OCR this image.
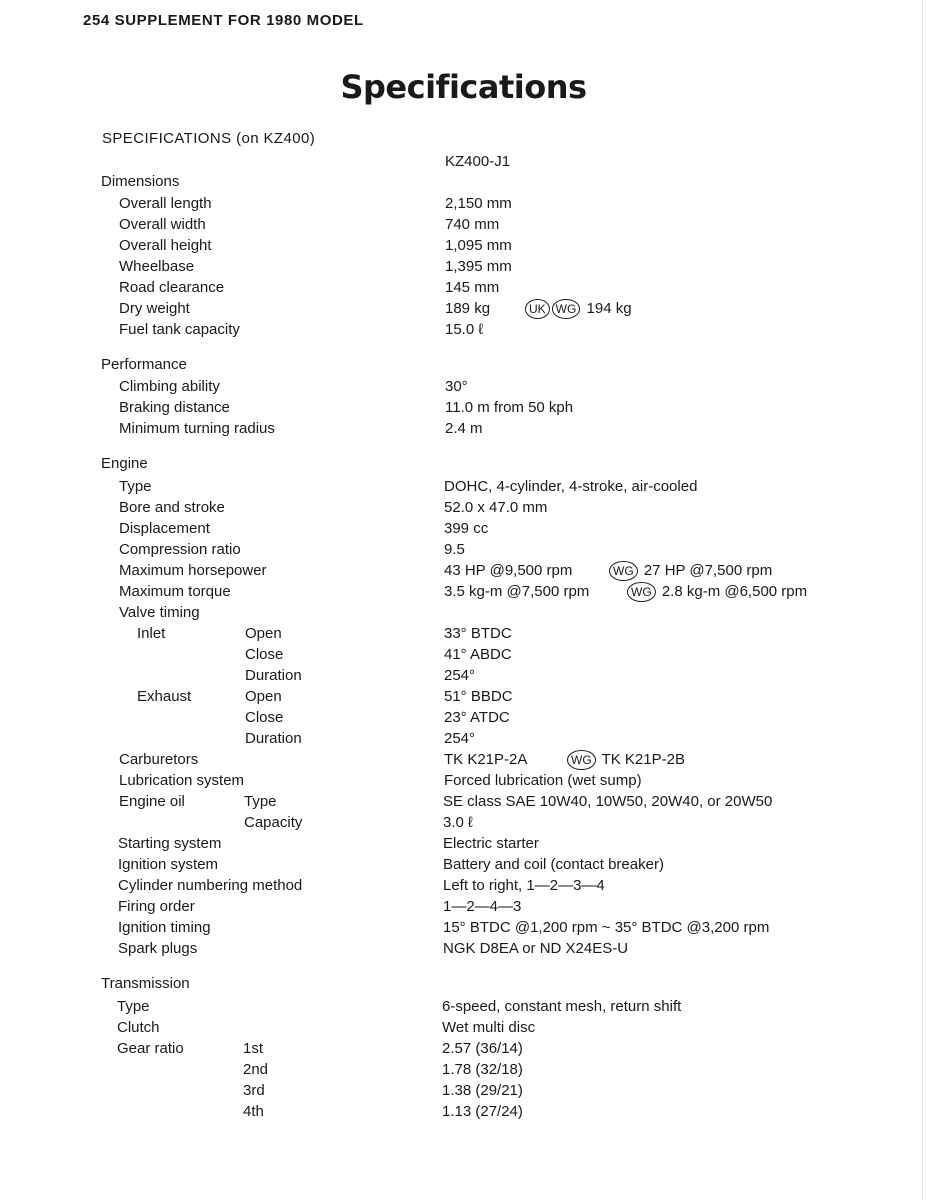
254 SUPPLEMENT FOR 1980 MODEL
Specifications
SPECIFICATIONS (on KZ400)
KZ400-J1
Dimensions
Overall length	2,150 mm
Overall width	740 mm
Overall height	1,095 mm
Wheelbase	1,395 mm
Road clearance	145 mm
Dry weight	189 kg	UK WG 194 kg
Fuel tank capacity	15.0 ℓ
Performance
Climbing ability	30°
Braking distance	11.0 m from 50 kph
Minimum turning radius	2.4 m
Engine
Type	DOHC, 4-cylinder, 4-stroke, air-cooled
Bore and stroke	52.0 x 47.0 mm
Displacement	399 cc
Compression ratio	9.5
Maximum horsepower	43 HP @9,500 rpm	WG 27 HP @7,500 rpm
Maximum torque	3.5 kg-m @7,500 rpm	WG 2.8 kg-m @6,500 rpm
Valve timing
Inlet	Open	33° BTDC
Close	41° ABDC
Duration	254°
Exhaust	Open	51° BBDC
Close	23° ATDC
Duration	254°
Carburetors	TK K21P-2A	WG TK K21P-2B
Lubrication system	Forced lubrication (wet sump)
Engine oil	Type	SE class SAE 10W40, 10W50, 20W40, or 20W50
Capacity	3.0 ℓ
Starting system	Electric starter
Ignition system	Battery and coil (contact breaker)
Cylinder numbering method	Left to right, 1—2—3—4
Firing order	1—2—4—3
Ignition timing	15° BTDC @1,200 rpm ~ 35° BTDC @3,200 rpm
Spark plugs	NGK D8EA or ND X24ES-U
Transmission
Type	6-speed, constant mesh, return shift
Clutch	Wet multi disc
Gear ratio	1st	2.57 (36/14)
2nd	1.78 (32/18)
3rd	1.38 (29/21)
4th	1.13 (27/24)
